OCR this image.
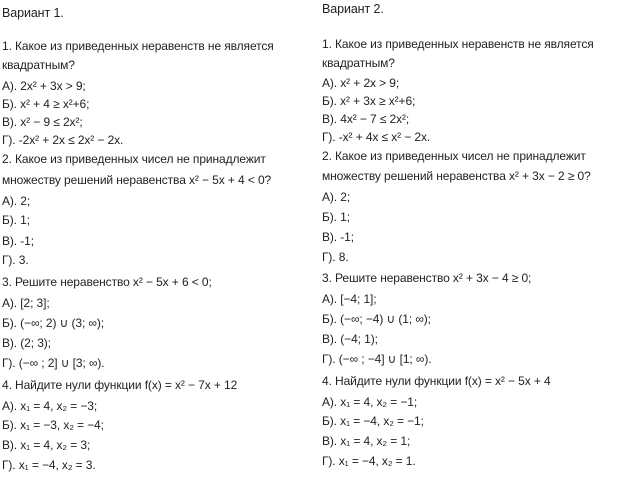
Вариант 1.
1. Какое из приведенных неравенств не является
квадратным?
А). 2x² + 3x > 9;
Б). x² + 4 ≥ x²+6;
В). x² − 9 ≤ 2x²;
Г). -2x² + 2x ≤ 2x² − 2x.
2. Какое из приведенных чисел не принадлежит
множеству решений неравенства x² − 5x + 4 < 0?
А). 2;
Б). 1;
В). -1;
Г). 3.
3. Решите неравенство x² − 5x + 6 < 0;
А). [2; 3];
Б). (−∞; 2) ∪ (3; ∞);
В). (2; 3);
Г). (−∞ ; 2] ∪ [3; ∞).
4. Найдите нули функции f(x) = x² − 7x + 12
А). x₁ = 4, x₂ = −3;
Б). x₁ = −3, x₂ = −4;
В). x₁ = 4, x₂ = 3;
Г). x₁ = −4, x₂ = 3.
Вариант 2.
1. Какое из приведенных неравенств не является
квадратным?
А). x² + 2x > 9;
Б). x² + 3x ≥ x²+6;
В). 4x² − 7 ≤ 2x²;
Г). -x² + 4x ≤ x² − 2x.
2. Какое из приведенных чисел не принадлежит
множеству решений неравенства x² + 3x − 2 ≥ 0?
А). 2;
Б). 1;
В). -1;
Г). 8.
3. Решите неравенство x² + 3x − 4 ≥ 0;
А). [−4; 1];
Б). (−∞; −4) ∪ (1; ∞);
В). (−4; 1);
Г). (−∞ ; −4] ∪ [1; ∞).
4. Найдите нули функции f(x) = x² − 5x + 4
А). x₁ = 4, x₂ = −1;
Б). x₁ = −4, x₂ = −1;
В). x₁ = 4, x₂ = 1;
Г). x₁ = −4, x₂ = 1.
